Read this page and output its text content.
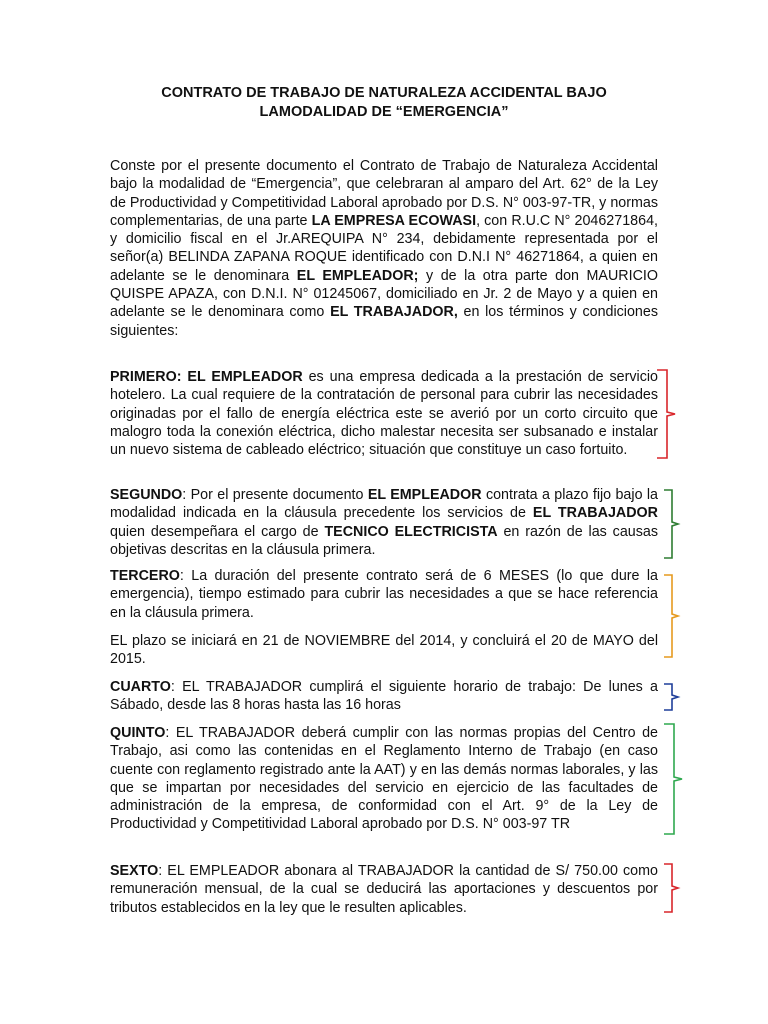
CONTRATO DE TRABAJO DE NATURALEZA ACCIDENTAL BAJO
LAMODALIDAD DE “EMERGENCIA”
Conste por el presente documento el Contrato de Trabajo de Naturaleza Accidental bajo la modalidad de “Emergencia”, que celebraran al amparo del Art. 62° de la Ley de Productividad y Competitividad Laboral aprobado por D.S. N° 003-97-TR, y normas complementarias, de una parte LA EMPRESA ECOWASI, con R.U.C N° 2046271864, y domicilio fiscal en el Jr.AREQUIPA N° 234, debidamente representada por el señor(a) BELINDA ZAPANA ROQUE identificado con D.N.I N° 46271864, a quien en adelante se le denominara EL EMPLEADOR; y de la otra parte don MAURICIO QUISPE APAZA, con D.N.I. N° 01245067, domiciliado en Jr. 2 de Mayo y a quien en adelante se le denominara como EL TRABAJADOR, en los términos y condiciones siguientes:
PRIMERO: EL EMPLEADOR es una empresa dedicada a la prestación de servicio hotelero. La cual requiere de la contratación de personal para cubrir las necesidades originadas por el fallo de energía eléctrica este se averió por un corto circuito que malogro toda la conexión eléctrica, dicho malestar necesita ser subsanado e instalar un nuevo sistema de cableado eléctrico; situación que constituye un caso fortuito.
SEGUNDO: Por el presente documento EL EMPLEADOR contrata a plazo fijo bajo la modalidad indicada en la cláusula precedente los servicios de EL TRABAJADOR quien desempeñara el cargo de TECNICO ELECTRICISTA en razón de las causas objetivas descritas en la cláusula primera.
TERCERO: La duración del presente contrato será de 6 MESES (lo que dure la emergencia), tiempo estimado para cubrir las necesidades a que se hace referencia en la cláusula primera.
EL plazo se iniciará en 21 de NOVIEMBRE del 2014, y concluirá el 20 de MAYO del 2015.
CUARTO: EL TRABAJADOR cumplirá el siguiente horario de trabajo: De lunes a Sábado, desde las 8 horas hasta las 16 horas
QUINTO: EL TRABAJADOR deberá cumplir con las normas propias del Centro de Trabajo, asi como las contenidas en el Reglamento Interno de Trabajo (en caso cuente con reglamento registrado ante la AAT) y en las demás normas laborales, y las que se impartan por necesidades del servicio en ejercicio de las facultades de administración de la empresa, de conformidad con el Art. 9° de la Ley de Productividad y Competitividad Laboral aprobado por D.S. N° 003-97 TR
SEXTO: EL EMPLEADOR abonara al TRABAJADOR la cantidad de S/ 750.00 como remuneración mensual, de la cual se deducirá las aportaciones y descuentos por tributos establecidos en la ley que le resulten aplicables.
